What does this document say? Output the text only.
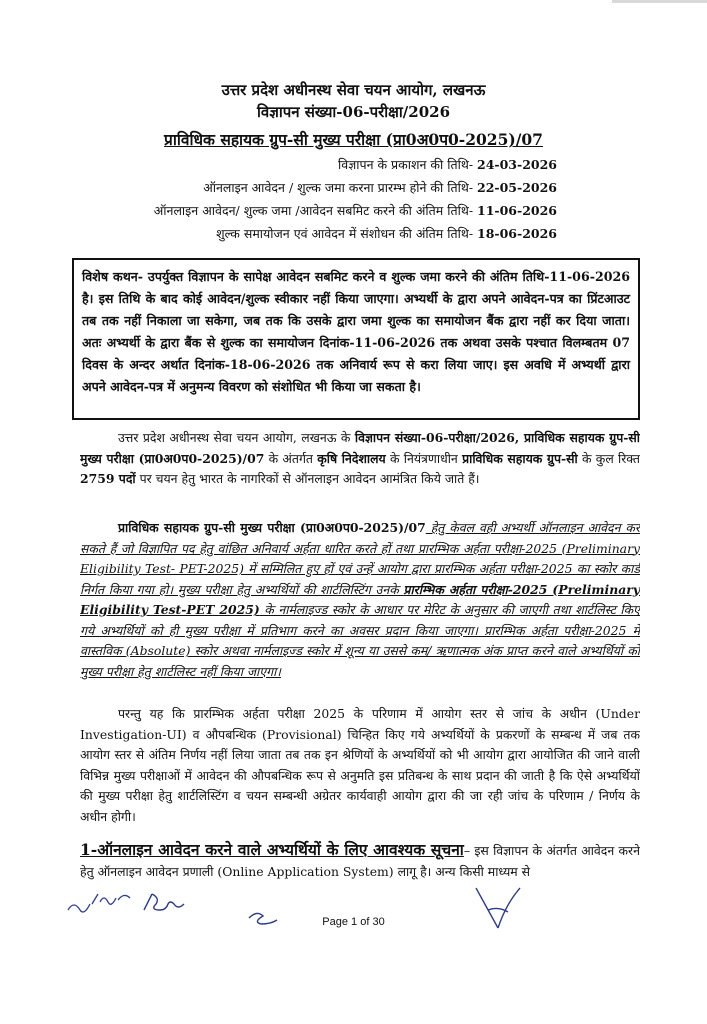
उत्तर प्रदेश अधीनस्थ सेवा चयन आयोग, लखनऊ
विज्ञापन संख्या-06-परीक्षा/2026
प्राविधिक सहायक ग्रुप-सी मुख्य परीक्षा (प्रा0अ0प0-2025)/07
विज्ञापन के प्रकाशन की तिथि- 24-03-2026
ऑनलाइन आवेदन / शुल्क जमा करना प्रारम्भ होने की तिथि- 22-05-2026
ऑनलाइन आवेदन/ शुल्क जमा /आवेदन सबमिट करने की अंतिम तिथि- 11-06-2026
शुल्क समायोजन एवं आवेदन में संशोधन की अंतिम तिथि- 18-06-2026
विशेष कथन- उपर्युक्त विज्ञापन के सापेक्ष आवेदन सबमिट करने व शुल्क जमा करने की अंतिम तिथि-11-06-2026 है। इस तिथि के बाद कोई आवेदन/शुल्क स्वीकार नहीं किया जाएगा। अभ्यर्थी के द्वारा अपने आवेदन-पत्र का प्रिंटआउट तब तक नहीं निकाला जा सकेगा, जब तक कि उसके द्वारा जमा शुल्क का समायोजन बैंक द्वारा नहीं कर दिया जाता। अतः अभ्यर्थी के द्वारा बैंक से शुल्क का समायोजन दिनांक-11-06-2026 तक अथवा उसके पश्चात विलम्बतम 07 दिवस के अन्दर अर्थात दिनांक-18-06-2026 तक अनिवार्य रूप से करा लिया जाए। इस अवधि में अभ्यर्थी द्वारा अपने आवेदन-पत्र में अनुमन्य विवरण को संशोधित भी किया जा सकता है।
उत्तर प्रदेश अधीनस्थ सेवा चयन आयोग, लखनऊ के विज्ञापन संख्या-06-परीक्षा/2026, प्राविधिक सहायक ग्रुप-सी मुख्य परीक्षा (प्रा0अ0प0-2025)/07 के अंतर्गत कृषि निदेशालय के नियंत्रणाधीन प्राविधिक सहायक ग्रुप-सी के कुल रिक्त 2759 पदों पर चयन हेतु भारत के नागरिकों से ऑनलाइन आवेदन आमंत्रित किये जाते हैं।
प्राविधिक सहायक ग्रुप-सी मुख्य परीक्षा (प्रा0अ0प0-2025)/07 हेतु केवल वही अभ्यर्थी ऑनलाइन आवेदन कर सकते हैं जो विज्ञापित पद हेतु वांछित अनिवार्य अर्हता धारित करते हों तथा प्रारम्भिक अर्हता परीक्षा-2025 (Preliminary Eligibility Test- PET-2025) में सम्मिलित हुए हों एवं उन्हें आयोग द्वारा प्रारम्भिक अर्हता परीक्षा-2025 का स्कोर कार्ड निर्गत किया गया हो। मुख्य परीक्षा हेतु अभ्यर्थियों की शार्टलिस्टिंग उनके प्रारम्भिक अर्हता परीक्षा-2025 (Preliminary Eligibility Test-PET 2025) के नार्मलाइज्ड स्कोर के आधार पर मेरिट के अनुसार की जाएगी तथा शार्टलिस्ट किए गये अभ्यर्थियों को ही मुख्य परीक्षा में प्रतिभाग करने का अवसर प्रदान किया जाएगा। प्रारम्भिक अर्हता परीक्षा-2025 में वास्तविक (Absolute) स्कोर अथवा नार्मलाइज्ड स्कोर में शून्य या उससे कम/ ऋणात्मक अंक प्राप्त करने वाले अभ्यर्थियों को मुख्य परीक्षा हेतु शार्टलिस्ट नहीं किया जाएगा।
परन्तु यह कि प्रारम्भिक अर्हता परीक्षा 2025 के परिणाम में आयोग स्तर से जांच के अधीन (Under Investigation-UI) व औपबन्धिक (Provisional) चिन्हित किए गये अभ्यर्थियों के प्रकरणों के सम्बन्ध में जब तक आयोग स्तर से अंतिम निर्णय नहीं लिया जाता तब तक इन श्रेणियों के अभ्यर्थियों को भी आयोग द्वारा आयोजित की जाने वाली विभिन्न मुख्य परीक्षाओं में आवेदन की औपबन्धिक रूप से अनुमति इस प्रतिबन्ध के साथ प्रदान की जाती है कि ऐसे अभ्यर्थियों की मुख्य परीक्षा हेतु शार्टलिस्टिंग व चयन सम्बन्धी अग्रेतर कार्यवाही आयोग द्वारा की जा रही जांच के परिणाम / निर्णय के अधीन होगी।
1-ऑनलाइन आवेदन करने वाले अभ्यर्थियों के लिए आवश्यक सूचना– इस विज्ञापन के अंतर्गत आवेदन करने हेतु ऑनलाइन आवेदन प्रणाली (Online Application System) लागू है। अन्य किसी माध्यम से
Page 1 of 30
